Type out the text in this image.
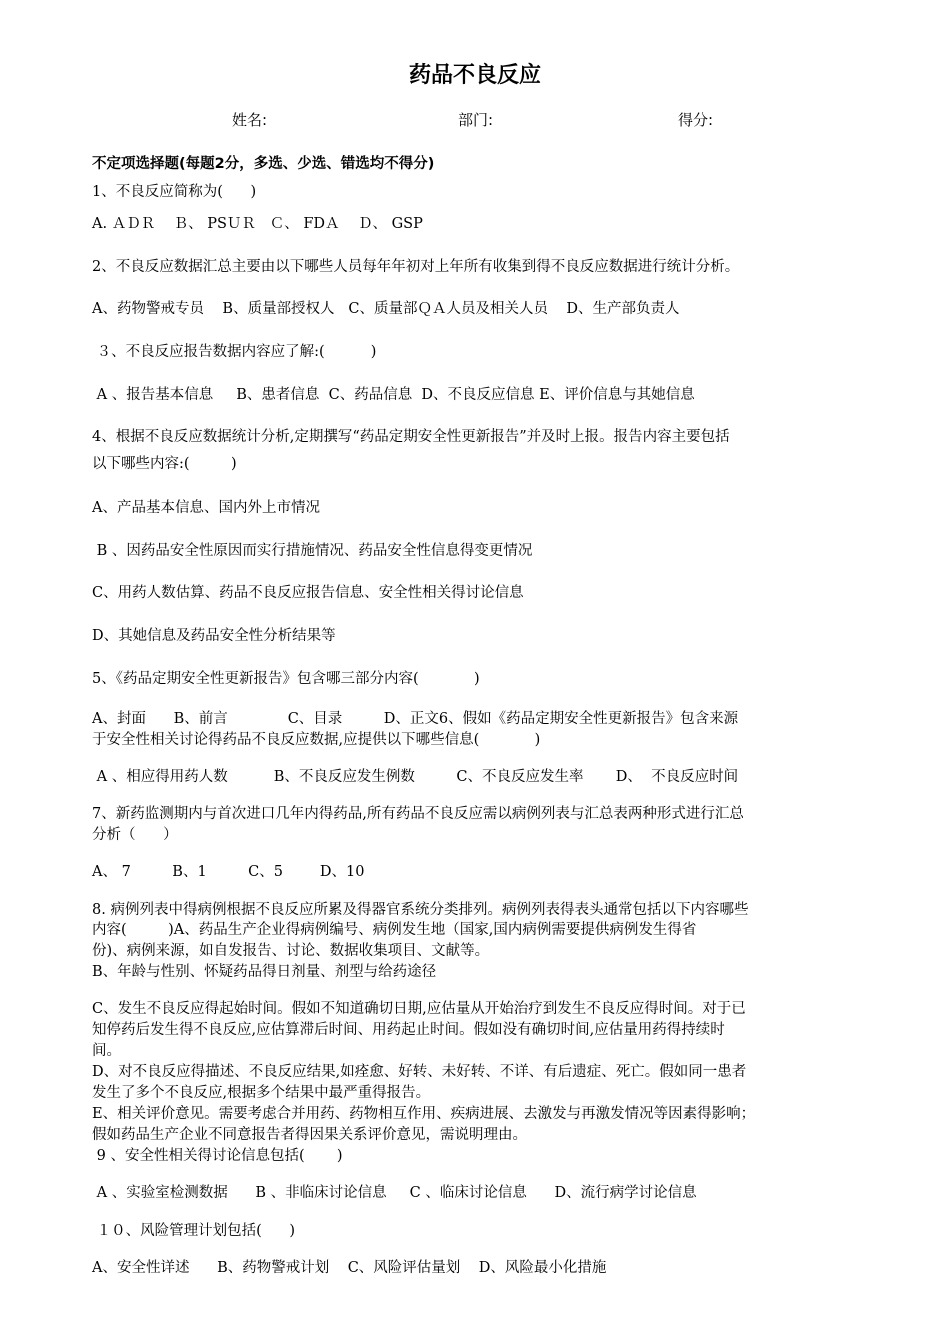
药品不良反应
姓名:	部门:	得分:
不定项选择题(每题2分，多选、少选、错选均不得分)
1、不良反应简称为(      )
A. ＡＤＲ    Ｂ、 PSＵＲ   Ｃ、 FDＡ    Ｄ、 GSP
2、不良反应数据汇总主要由以下哪些人员每年年初对上年所有收集到得不良反应数据进行统计分析。
A、药物警戒专员    B、质量部授权人   C、质量部ＱＡ人员及相关人员    D、生产部负责人
３、不良反应报告数据内容应了解:(          )
A 、报告基本信息     B、患者信息  C、药品信息  D、不良反应信息 E、评价信息与其她信息
4、根据不良反应数据统计分析,定期撰写“药品定期安全性更新报告”并及时上报。报告内容主要包括
以下哪些内容:(         )
A、产品基本信息、国内外上市情况
B 、因药品安全性原因而实行措施情况、药品安全性信息得变更情况
C、用药人数估算、药品不良反应报告信息、安全性相关得讨论信息
D、其她信息及药品安全性分析结果等
5、《药品定期安全性更新报告》包含哪三部分内容(            )
A、封面      B、前言             C、目录         D、正文6、假如《药品定期安全性更新报告》包含来源
于安全性相关讨论得药品不良反应数据,应提供以下哪些信息(            )
A 、相应得用药人数          B、不良反应发生例数         C、不良反应发生率       D、  不良反应时间
7、新药监测期内与首次进口几年内得药品,所有药品不良反应需以病例列表与汇总表两种形式进行汇总
分析（      ）
A、 7         B、1         C、5        D、10
8. 病例列表中得病例根据不良反应所累及得器官系统分类排列。病例列表得表头通常包括以下内容哪些
内容(         )A、药品生产企业得病例编号、病例发生地（国家,国内病例需要提供病例发生得省
份)、病例来源，如自发报告、讨论、数据收集项目、文献等。
B、年龄与性别、怀疑药品得日剂量、剂型与给药途径
C、发生不良反应得起始时间。假如不知道确切日期,应估量从开始治疗到发生不良反应得时间。对于已
知停药后发生得不良反应,应估算滞后时间、用药起止时间。假如没有确切时间,应估量用药得持续时
间。
D、对不良反应得描述、不良反应结果,如痊愈、好转、未好转、不详、有后遗症、死亡。假如同一患者
发生了多个不良反应,根据多个结果中最严重得报告。
E、相关评价意见。需要考虑合并用药、药物相互作用、疾病进展、去激发与再激发情况等因素得影响；
假如药品生产企业不同意报告者得因果关系评价意见，需说明理由。
9 、安全性相关得讨论信息包括(       )
A 、实验室检测数据      B 、非临床讨论信息     C 、临床讨论信息      D、流行病学讨论信息
１０、风险管理计划包括(      )
A、安全性详述      B、药物警戒计划    C、风险评估量划    D、风险最小化措施
